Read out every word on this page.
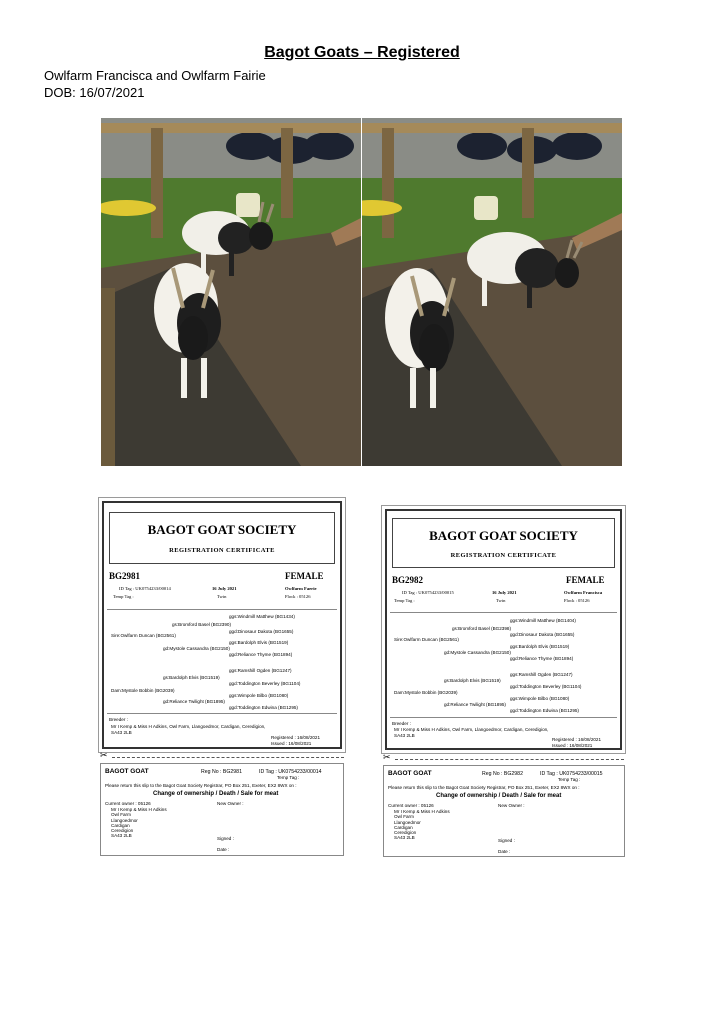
Bagot Goats – Registered
Owlfarm Francisca and Owlfarm Fairie
DOB: 16/07/2021
BAGOT GOAT SOCIETY
REGISTRATION CERTIFICATE
BG2981	FEMALE
ID Tag : UK0754233/00014
Temp Tag :
16 July 2021
Twin
Owlfarm Faerie
Flock : 05126
ggs:Windmill Matthew (BG1434)
gs:Bromford Basel (BG2390)
ggd:Dinosaur Dakota (BG1655)
Sire:Owlfarm Duncan (BG2561)
ggs:Bardolph Elvis (BG1519)
gd:Mystole Cassandra (BG2150)
ggd:Reliance Thyme (BG1894)
ggs:Ramshill Ogden (BG1247)
gs:Bardolph Elvis (BG1519)
ggd:Toddington Beverley (BG1104)
Dam:Mystole Bobbin (BG2039)
ggs:Wimpole Bilbo (BG1080)
gd:Reliance Twilight (BG1895)
ggd:Toddington Edwina (BG1295)
Breeder :
Mr I Kemp & Miss H Adkins, Owl Farm, Llangoedmor, Cardigan, Ceredigion,
SA43 2LB
Registered : 16/08/2021
Issued : 16/08/2021
✂
BAGOT GOAT	Reg No : BG2981	ID Tag : UK0754233/00014
Temp Tag :
Please return this slip to the Bagot Goat Society Registrar, PO Box 251, Exeter, EX2 8WX on :
Change of ownership / Death / Sale for meat
Current owner : 05126	New Owner :
Mr I Kemp & Miss H Adkins
Owl Farm
Llangoedmor
Cardigan
Ceredigion
SA43 2LB
Signed :
Date :
BAGOT GOAT SOCIETY
REGISTRATION CERTIFICATE
BG2982	FEMALE
ID Tag : UK0754233/00015
Temp Tag :
16 July 2021
Twin
Owlfarm Francisca
Flock : 05126
ggs:Windmill Matthew (BG1404)
gs:Bromford Basel (BG2398)
ggd:Dinosaur Dakota (BG1655)
Sire:Owlfarm Duncan (BG2561)
ggs:Bardolph Elvis (BG1519)
gd:Mystole Cassandra (BG2150)
ggd:Reliance Thyme (BG1894)
ggs:Ramshill Ogden (BG1247)
gs:Bardolph Elvis (BG1519)
ggd:Toddington Beverley (BG1104)
Dam:Mystole Bobbin (BG2039)
ggs:Wimpole Bilbo (BG1080)
gd:Reliance Twilight (BG1895)
ggd:Toddington Edwina (BG1295)
Breeder :
Mr I Kemp & Miss H Adkins, Owl Farm, Llangoedmor, Cardigan, Ceredigion,
SA43 2LB
Registered : 16/08/2021
Issued : 16/08/2021
✂
BAGOT GOAT	Reg No : BG2982	ID Tag : UK0754233/00015
Temp Tag :
Please return this slip to the Bagot Goat Society Registrar, PO Box 251, Exeter, EX2 8WX on :
Change of ownership / Death / Sale for meat
Current owner : 05126	New Owner :
Mr I Kemp & Miss H Adkins
Owl Farm
Llangoedmor
Cardigan
Ceredigion
SA43 2LB
Signed :
Date :
